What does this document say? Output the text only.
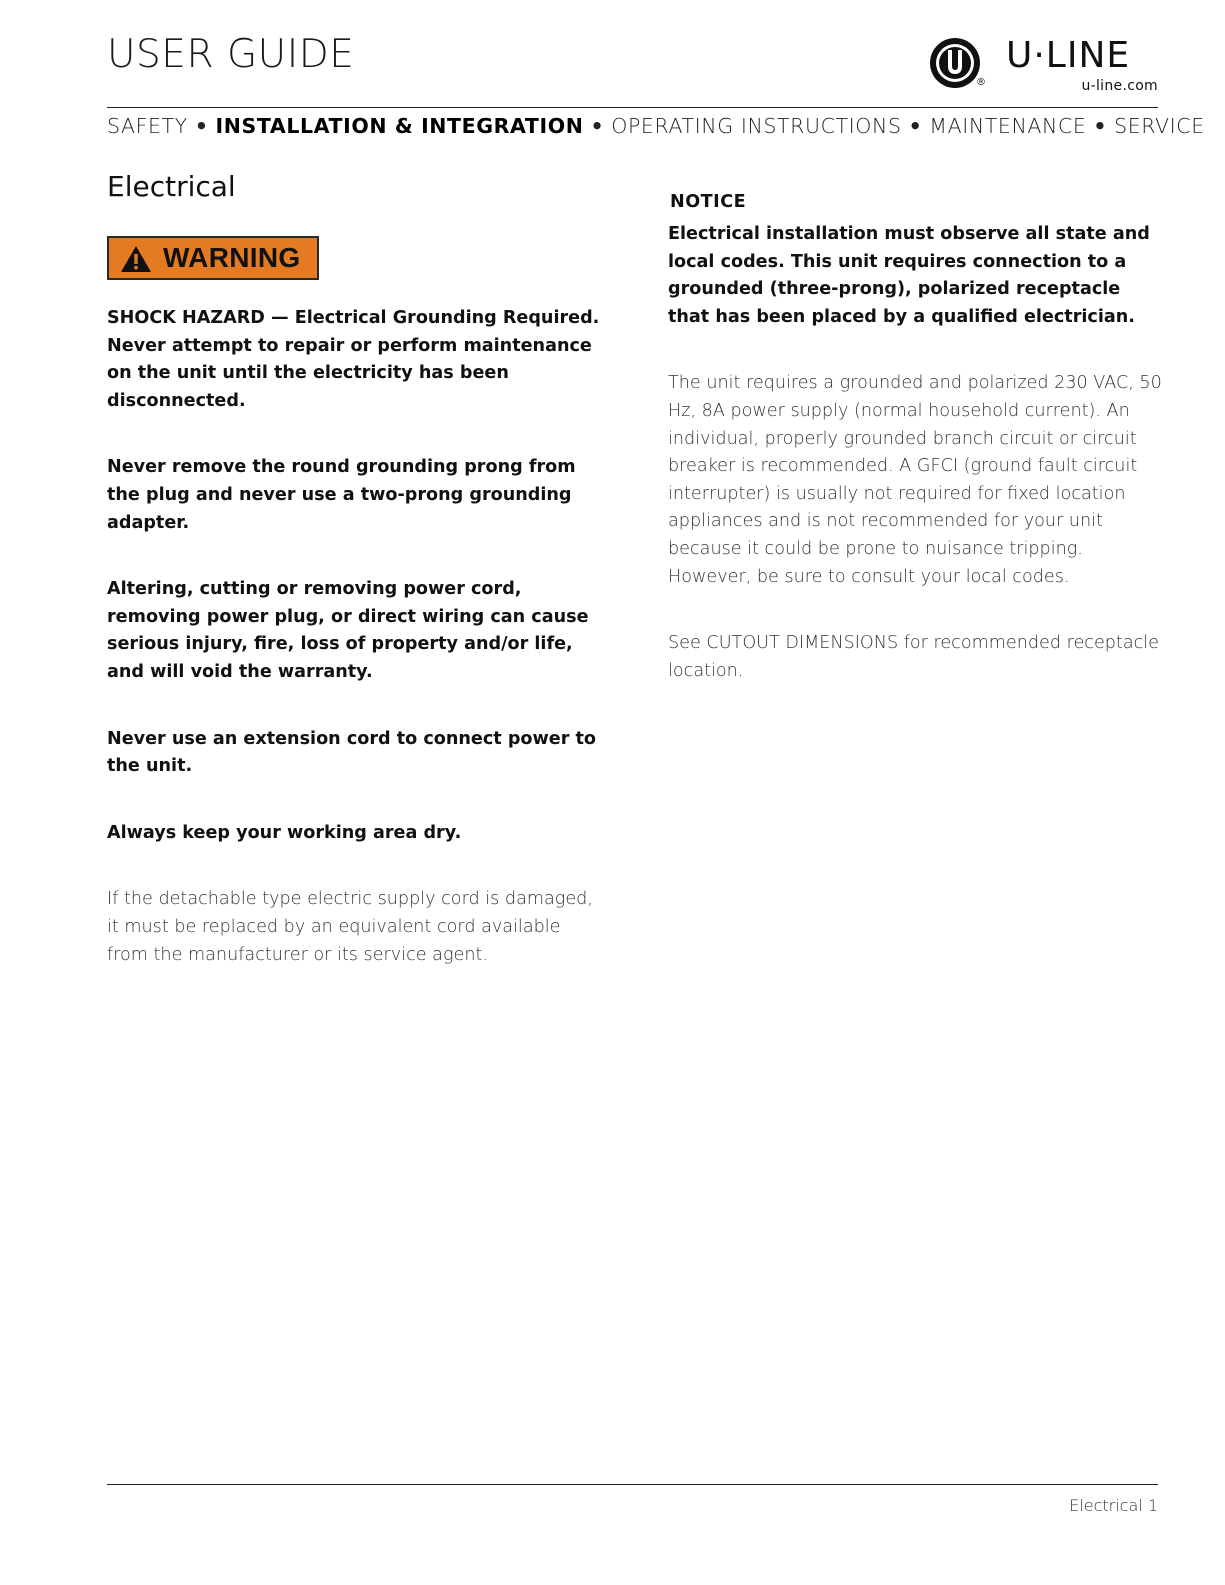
USER GUIDE
®
U·LINE
u-line.com
SAFETY • INSTALLATION & INTEGRATION • OPERATING INSTRUCTIONS • MAINTENANCE • SERVICE
Electrical
WARNING

SHOCK HAZARD — Electrical Grounding Required. Never attempt to repair or perform maintenance on the unit until the electricity has been disconnected.

Never remove the round grounding prong from the plug and never use a two-prong grounding adapter.

Altering, cutting or removing power cord, removing power plug, or direct wiring can cause serious injury, fire, loss of property and/or life, and will void the warranty.

Never use an extension cord to connect power to the unit.

Always keep your working area dry.

If the detachable type electric supply cord is damaged, it must be replaced by an equivalent cord available from the manufacturer or its service agent.

NOTICE

Electrical installation must observe all state and local codes. This unit requires connection to a grounded (three-prong), polarized receptacle that has been placed by a qualified electrician.

The unit requires a grounded and polarized 230 VAC, 50 Hz, 8A power supply (normal household current). An individual, properly grounded branch circuit or circuit breaker is recommended. A GFCI (ground fault circuit interrupter) is usually not required for fixed location appliances and is not recommended for your unit because it could be prone to nuisance tripping. However, be sure to consult your local codes.

See CUTOUT DIMENSIONS for recommended receptacle location.

Electrical 1
